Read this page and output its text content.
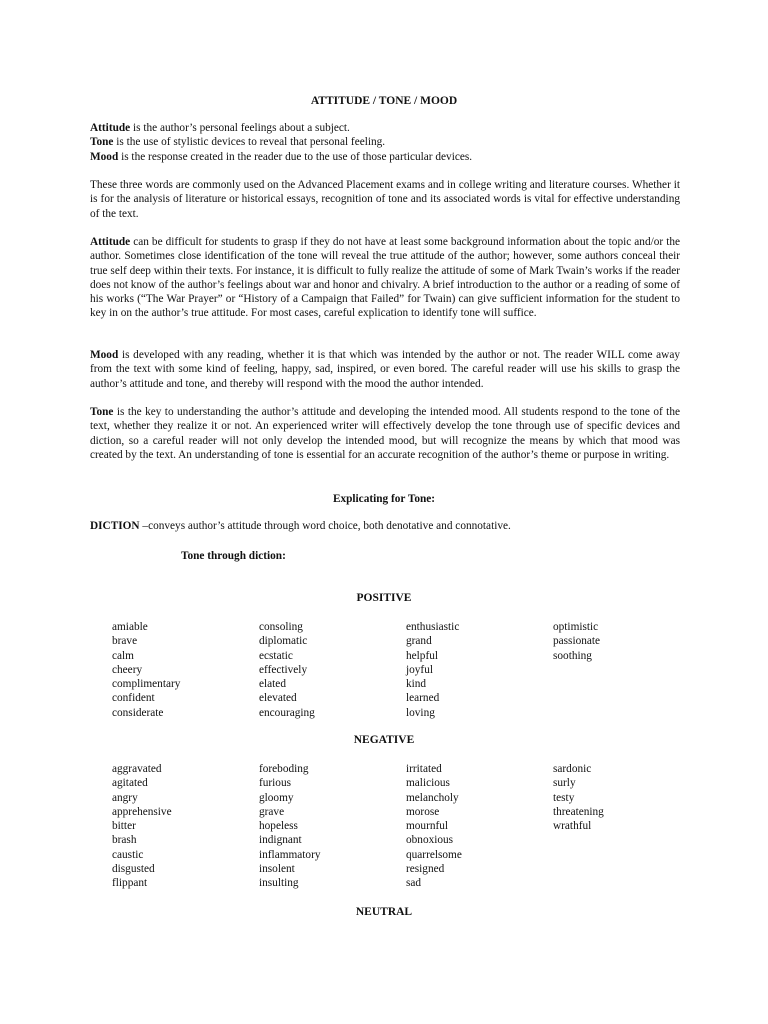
ATTITUDE / TONE / MOOD
Attitude is the author’s personal feelings about a subject.
Tone is the use of stylistic devices to reveal that personal feeling.
Mood is the response created in the reader due to the use of those particular devices.
These three words are commonly used on the Advanced Placement exams and in college writing and literature courses. Whether it is for the analysis of literature or historical essays, recognition of tone and its associated words is vital for effective understanding of the text.
Attitude can be difficult for students to grasp if they do not have at least some background information about the topic and/or the author. Sometimes close identification of the tone will reveal the true attitude of the author; however, some authors conceal their true self deep within their texts. For instance, it is difficult to fully realize the attitude of some of Mark Twain’s works if the reader does not know of the author’s feelings about war and honor and chivalry. A brief introduction to the author or a reading of some of his works (“The War Prayer” or “History of a Campaign that Failed” for Twain) can give sufficient information for the student to key in on the author’s true attitude. For most cases, careful explication to identify tone will suffice.
Mood is developed with any reading, whether it is that which was intended by the author or not. The reader WILL come away from the text with some kind of feeling, happy, sad, inspired, or even bored. The careful reader will use his skills to grasp the author’s attitude and tone, and thereby will respond with the mood the author intended.
Tone is the key to understanding the author’s attitude and developing the intended mood. All students respond to the tone of the text, whether they realize it or not. An experienced writer will effectively develop the tone through use of specific devices and diction, so a careful reader will not only develop the intended mood, but will recognize the means by which that mood was created by the text. An understanding of tone is essential for an accurate recognition of the author’s theme or purpose in writing.
Explicating for Tone:
DICTION –conveys author’s attitude through word choice, both denotative and connotative.
Tone through diction:
POSITIVE
amiable
brave
calm
cheery
complimentary
confident
considerate
consoling
diplomatic
ecstatic
effectively
elated
elevated
encouraging
enthusiastic
grand
helpful
joyful
kind
learned
loving
optimistic
passionate
soothing
NEGATIVE
aggravated
agitated
angry
apprehensive
bitter
brash
caustic
disgusted
flippant
foreboding
furious
gloomy
grave
hopeless
indignant
inflammatory
insolent
insulting
irritated
malicious
melancholy
morose
mournful
obnoxious
quarrelsome
resigned
sad
sardonic
surly
testy
threatening
wrathful
NEUTRAL
